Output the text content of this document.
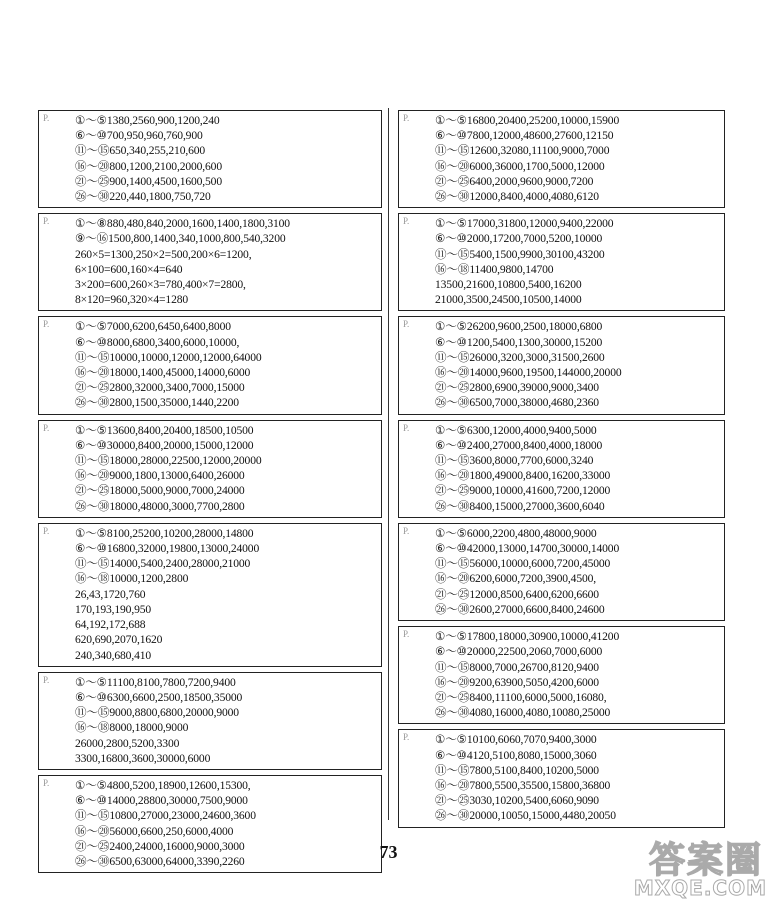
P. ①～⑤1380,2560,900,1200,240
⑥～⑩700,950,960,760,900
⑪～⑮650,340,255,210,600
⑯～⑳800,1200,2100,2000,600
㉑～㉕900,1400,4500,1600,500
㉖～㉚220,440,1800,750,720
P. ①～⑧880,480,840,2000,1600,1400,1800,3100
⑨～⑯1500,800,1400,340,1000,800,540,3200
260×5=1300,250×2=500,200×6=1200,
6×100=600,160×4=640
3×200=600,260×3=780,400×7=2800,
8×120=960,320×4=1280
P. ①～⑤7000,6200,6450,6400,8000
⑥～⑩8000,6800,3400,6000,10000,
⑪～⑮10000,10000,12000,12000,64000
⑯～⑳18000,1400,45000,14000,6000
㉑～㉕2800,32000,3400,7000,15000
㉖～㉚2800,1500,35000,1440,2200
P. ①～⑤13600,8400,20400,18500,10500
⑥～⑩30000,8400,20000,15000,12000
⑪～⑮18000,28000,22500,12000,20000
⑯～⑳9000,1800,13000,6400,26000
㉑～㉕18000,5000,9000,7000,24000
㉖～㉚18000,48000,3000,7700,2800
P. ①～⑤8100,25200,10200,28000,14800
⑥～⑩16800,32000,19800,13000,24000
⑪～⑮14000,5400,2400,28000,21000
⑯～⑱10000,1200,2800
26,43,1720,760
170,193,190,950
64,192,172,688
620,690,2070,1620
240,340,680,410
P. ①～⑤11100,8100,7800,7200,9400
⑥～⑩6300,6600,2500,18500,35000
⑪～⑮9000,8800,6800,20000,9000
⑯～⑱8000,18000,9000
26000,2800,5200,3300
3300,16800,3600,30000,6000
P. ①～⑤4800,5200,18900,12600,15300,
⑥～⑩14000,28800,30000,7500,9000
⑪～⑮10800,27000,23000,24600,3600
⑯～⑳56000,6600,250,6000,4000
㉑～㉕2400,24000,16000,9000,3000
㉖～㉚6500,63000,64000,3390,2260
P. ①～⑤16800,20400,25200,10000,15900
⑥～⑩7800,12000,48600,27600,12150
⑪～⑮12600,32080,11100,9000,7000
⑯～⑳6000,36000,1700,5000,12000
㉑～㉕6400,2000,9600,9000,7200
㉖～㉚12000,8400,4000,4080,6120
P. ①～⑤17000,31800,12000,9400,22000
⑥～⑩2000,17200,7000,5200,10000
⑪～⑮5400,1500,9900,30100,43200
⑯～⑱11400,9800,14700
13500,21600,10800,5400,16200
21000,3500,24500,10500,14000
P. ①～⑤26200,9600,2500,18000,6800
⑥～⑩1200,5400,1300,30000,15200
⑪～⑮26000,3200,3000,31500,2600
⑯～⑳14000,9600,19500,144000,20000
㉑～㉕2800,6900,39000,9000,3400
㉖～㉚6500,7000,38000,4680,2360
P. ①～⑤6300,12000,4000,9400,5000
⑥～⑩2400,27000,8400,4000,18000
⑪～⑮3600,8000,7700,6000,3240
⑯～⑳1800,49000,8400,16200,33000
㉑～㉕9000,10000,41600,7200,12000
㉖～㉚8400,15000,27000,3600,6040
P. ①～⑤6000,2200,4800,48000,9000
⑥～⑩42000,13000,14700,30000,14000
⑪～⑮56000,10000,6000,7200,45000
⑯～⑳6200,6000,7200,3900,4500,
㉑～㉕12000,8500,6400,6200,6600
㉖～㉚2600,27000,6600,8400,24600
P. ①～⑤17800,18000,30900,10000,41200
⑥～⑩20000,22500,2060,7000,6000
⑪～⑮8000,7000,26700,8120,9400
⑯～⑳9200,63900,5050,4200,6000
㉑～㉕8400,11100,6000,5000,16080,
㉖～㉚4080,16000,4080,10080,25000
P. ①～⑤10100,6060,7070,9400,3000
⑥～⑩4120,5100,8080,15000,3060
⑪～⑮7800,5100,8400,10200,5000
⑯～⑳7800,5500,35500,15800,36800
㉑～㉕3030,10200,5400,6060,9090
㉖～㉚20000,10050,15000,4480,20050
73	答案圈
MXQE.COM
